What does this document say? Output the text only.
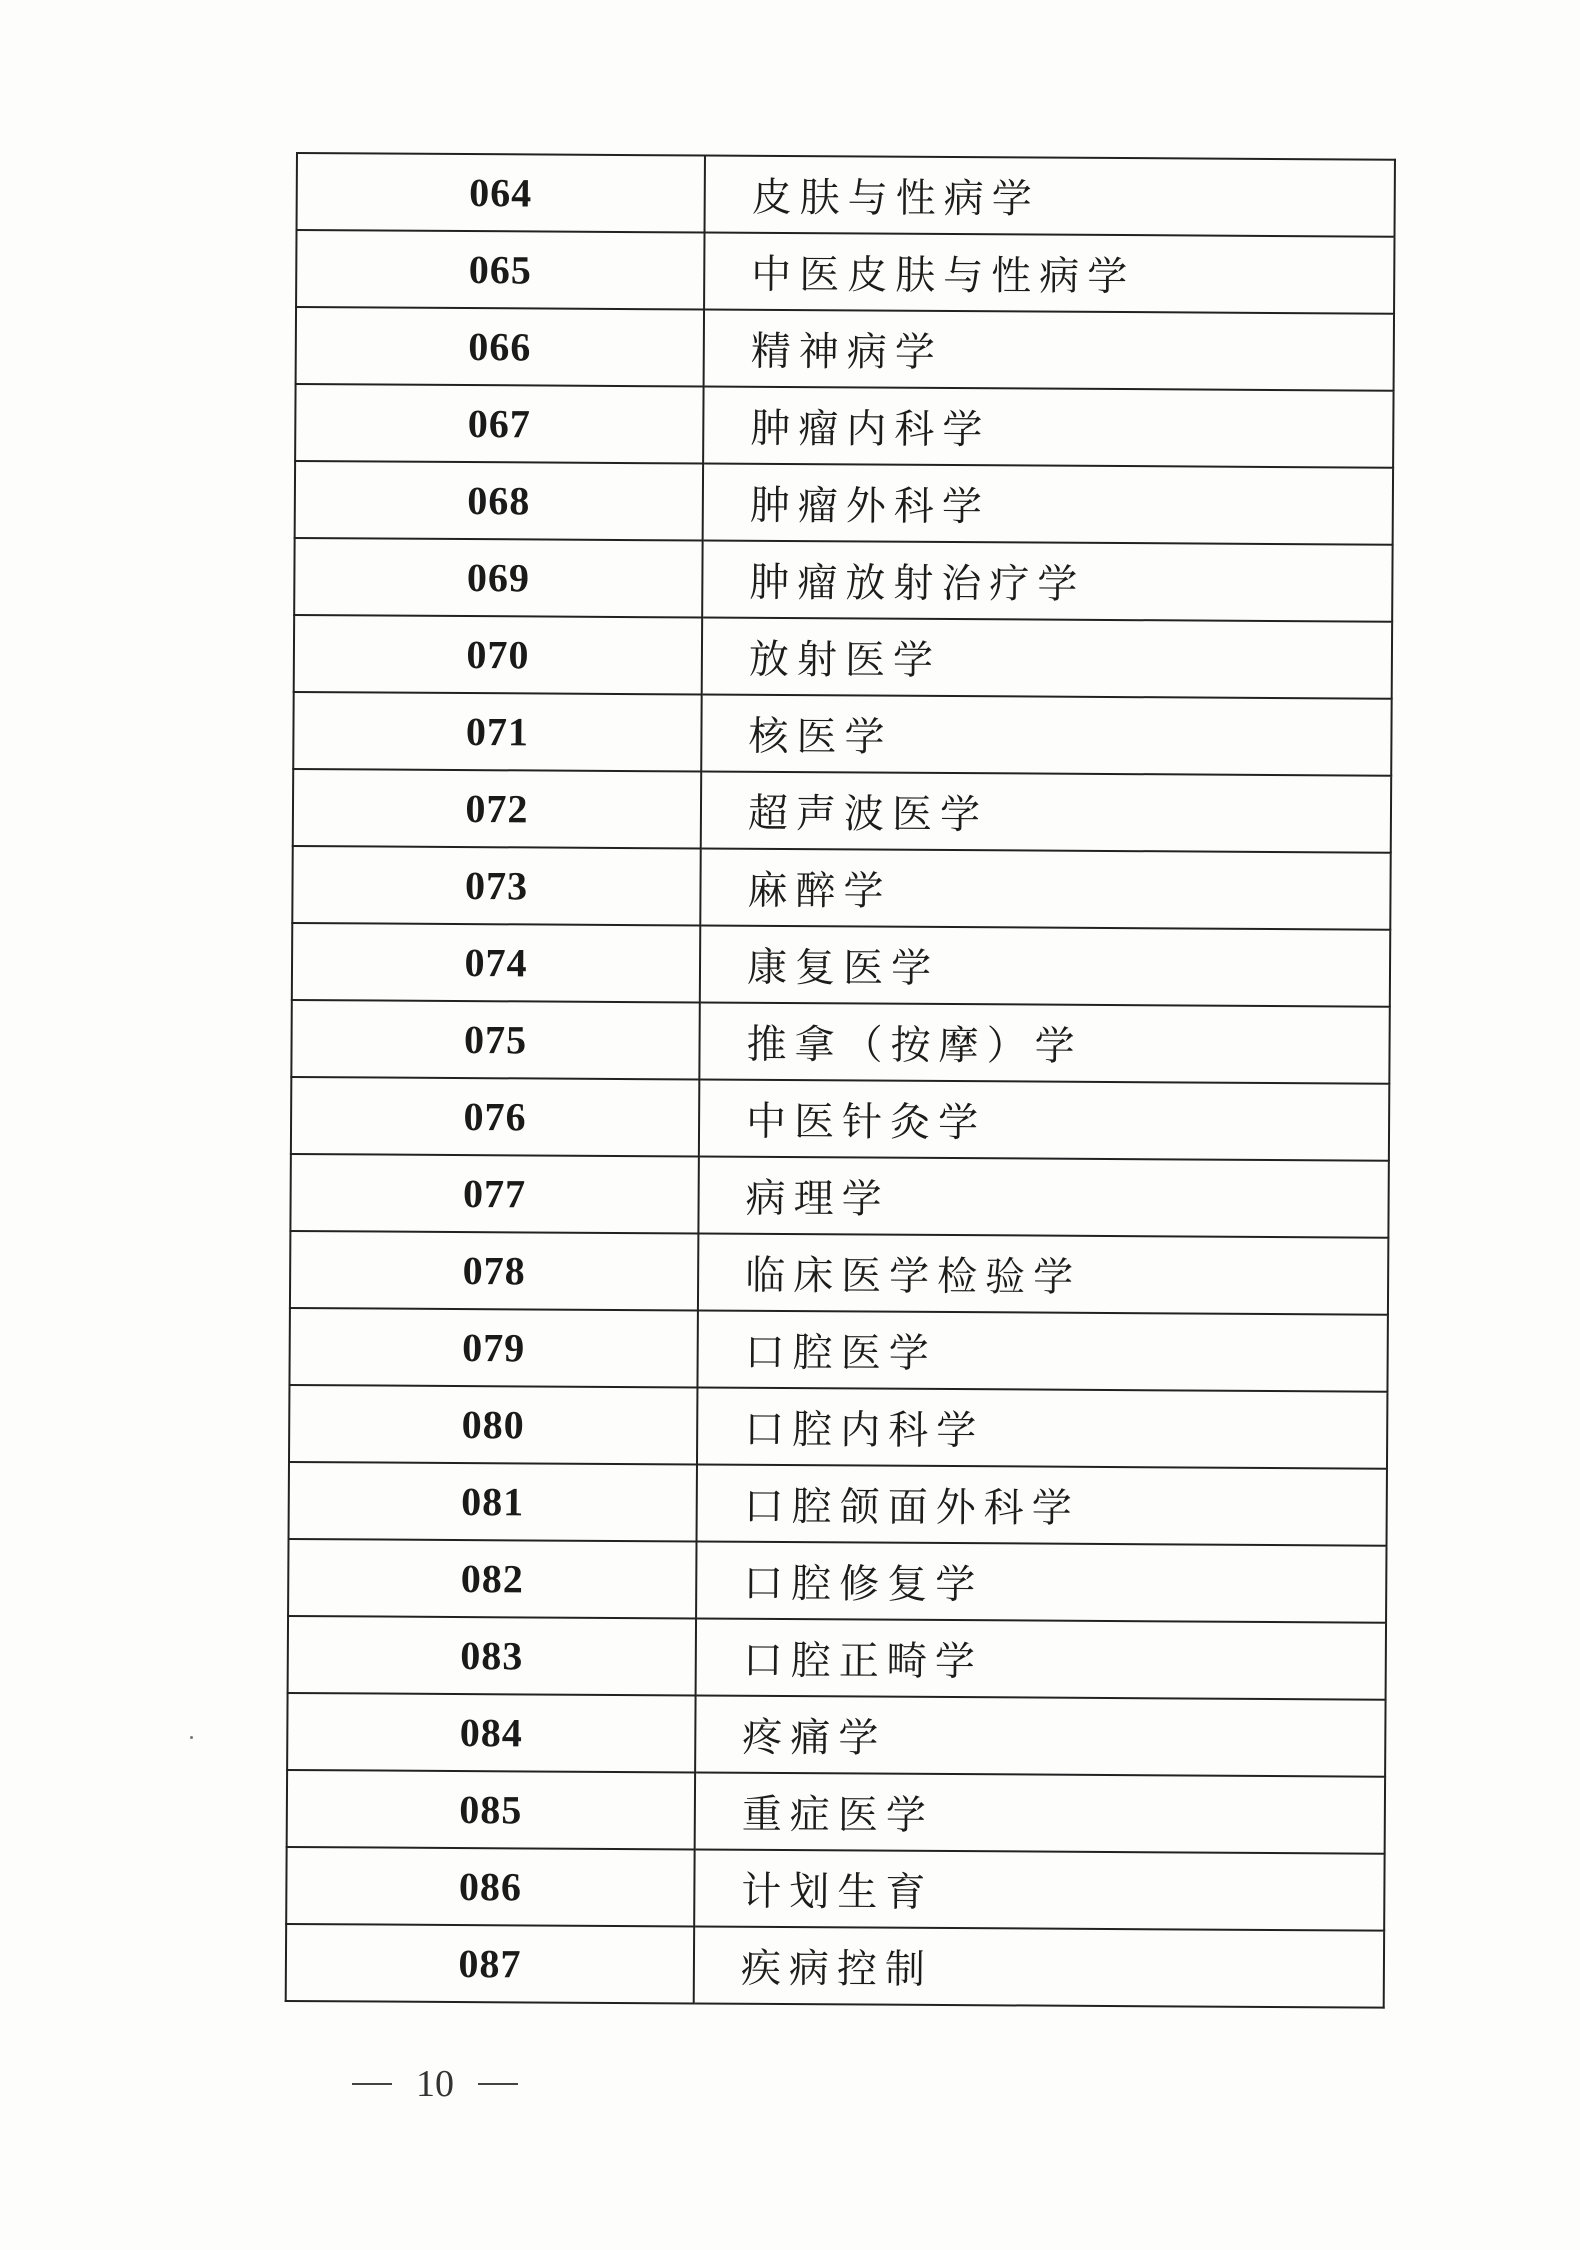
064	皮肤与性病学
065	中医皮肤与性病学
066	精神病学
067	肿瘤内科学
068	肿瘤外科学
069	肿瘤放射治疗学
070	放射医学
071	核医学
072	超声波医学
073	麻醉学
074	康复医学
075	推拿（按摩）学
076	中医针灸学
077	病理学
078	临床医学检验学
079	口腔医学
080	口腔内科学
081	口腔颌面外科学
082	口腔修复学
083	口腔正畸学
084	疼痛学
085	重症医学
086	计划生育
087	疾病控制
10
